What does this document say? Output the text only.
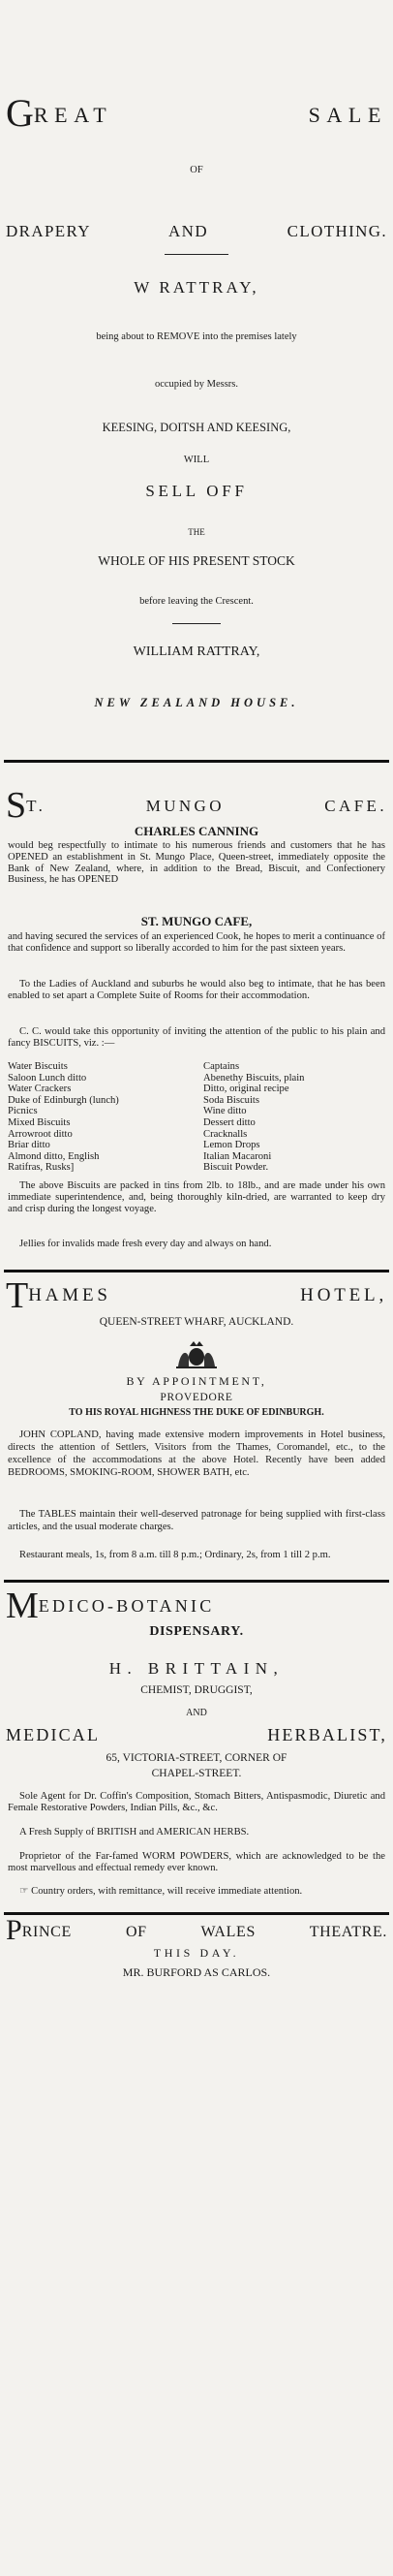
G REAT SALE
OF
DRAPERY AND CLOTHING.
W RATTRAY,
being about to REMOVE into the premises lately
occupied by Messrs.
KEESING, DOITSH AND KEESING,
WILL
SELL OFF
THE
WHOLE OF HIS PRESENT STOCK
before leaving the Crescent.
WILLIAM RATTRAY,
NEW ZEALAND HOUSE.
S T. MUNGO CAFE.
CHARLES CANNING
would beg respectfully to intimate to his numerous friends and customers that he has OPENED an establishment in St. Mungo Place, Queen-street, immediately opposite the Bank of New Zealand, where, in addition to the Bread, Biscuit, and Confectionery Business, he has OPENED
ST. MUNGO CAFE,
and having secured the services of an experienced Cook, he hopes to merit a continuance of that confidence and support so liberally accorded to him for the past sixteen years.
To the Ladies of Auckland and suburbs he would also beg to intimate, that he has been enabled to set apart a Complete Suite of Rooms for their accommodation.
C. C. would take this opportunity of inviting the attention of the public to his plain and fancy BISCUITS, viz. :—
Water Biscuits
Saloon Lunch ditto
Water Crackers
Duke of Edinburgh (lunch)
Picnics
Mixed Biscuits
Arrowroot ditto
Briar ditto
Almond ditto, English
Ratifras, Rusks]
Captains
Abenethy Biscuits, plain
Ditto, original recipe
Soda Biscuits
Wine ditto
Dessert ditto
Cracknalls
Lemon Drops
Italian Macaroni
Biscuit Powder.
The above Biscuits are packed in tins from 2lb. to 18lb., and are made under his own immediate superintendence, and, being thoroughly kiln-dried, are warranted to keep dry and crisp during the longest voyage.
Jellies for invalids made fresh every day and always on hand.
T HAMES HOTEL,
QUEEN-STREET WHARF, AUCKLAND.
BY APPOINTMENT,
PROVEDORE
TO HIS ROYAL HIGHNESS THE DUKE OF EDINBURGH.
JOHN COPLAND, having made extensive modern improvements in Hotel business, directs the attention of Settlers, Visitors from the Thames, Coromandel, etc., to the excellence of the accommodations at the above Hotel. Recently have been added BEDROOMS, SMOKING-ROOM, SHOWER BATH, etc.
The TABLES maintain their well-deserved patronage for being supplied with first-class articles, and the usual moderate charges.
Restaurant meals, 1s, from 8 a.m. till 8 p.m.; Ordinary, 2s, from 1 till 2 p.m.
M EDICO-BOTANIC
DISPENSARY.
H. BRITTAIN,
CHEMIST, DRUGGIST,
AND
MEDICAL HERBALIST,
65, VICTORIA-STREET, CORNER OF
CHAPEL-STREET.
Sole Agent for Dr. Coffin's Composition, Stomach Bitters, Antispasmodic, Diuretic and Female Restorative Powders, Indian Pills, &c., &c.
A Fresh Supply of BRITISH and AMERICAN HERBS.
Proprietor of the Far-famed WORM POWDERS, which are acknowledged to be the most marvellous and effectual remedy ever known.
☞ Country orders, with remittance, will receive immediate attention.
P RINCE OF WALES THEATRE.
THIS DAY.
MR. BURFORD AS CARLOS.
